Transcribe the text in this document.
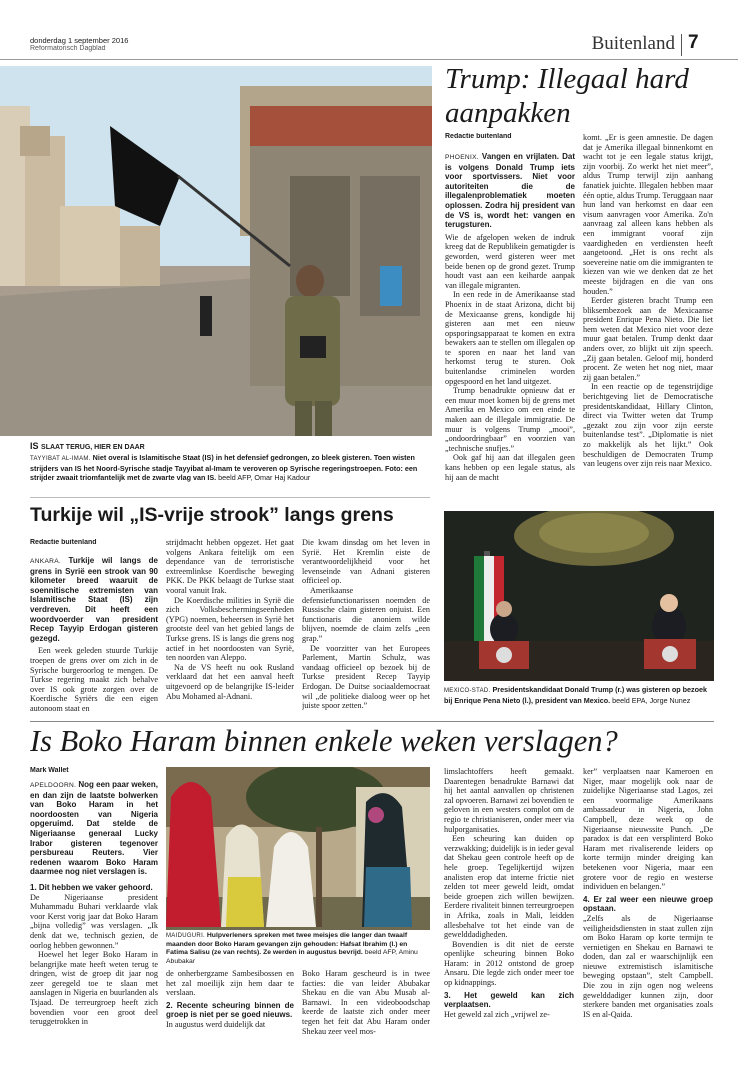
donderdag 1 september 2016
Reformatorisch Dagblad	Buitenland 7
IS SLAAT TERUG, HIER EN DAAR
TAYYIBAT AL-IMAM. Niet overal is Islamitische Staat (IS) in het defensief gedrongen, zo bleek gisteren. Toen wisten strijders van IS het Noord-Syrische stadje Tayyibat al-Imam te veroveren op Syrische regeringstroepen. Foto: een strijder zwaait triomfantelijk met de zwarte vlag van IS. beeld AFP, Omar Haj Kadour
Trump: Illegaal hard aanpakken
Redactie buitenland

PHOENIX. Vangen en vrijlaten. Dat is volgens Donald Trump iets voor sportvissers. Niet voor autoriteiten die de illegalenproblematiek moeten oplossen. Zodra hij president van de VS is, wordt het: vangen en terugsturen.

Wie de afgelopen weken de indruk kreeg dat de Republikein gematigder is geworden, werd gisteren weer met beide benen op de grond gezet. Trump houdt vast aan een keiharde aanpak van illegale migranten.

In een rede in de Amerikaanse stad Phoenix in de staat Arizona, dicht bij de Mexicaanse grens, kondigde hij gisteren aan met een nieuw opsporingsapparaat te komen en extra bewakers aan te stellen om illegalen op te sporen en naar het land van herkomst terug te sturen. Ook buitenlandse criminelen worden opgespoord en het land uitgezet.

Trump benadrukte opnieuw dat er een muur moet komen bij de grens met Amerika en Mexico om een einde te maken aan de illegale immigratie. De muur is volgens Trump „mooi”, „ondoordringbaar” en voorzien van „technische snufjes.”

Ook gaf hij aan dat illegalen geen kans hebben op een legale status, als hij aan de macht

komt. „Er is geen amnestie. De dagen dat je Amerika illegaal binnenkomt en wacht tot je een legale status krijgt, zijn voorbij. Zo werkt het niet meer”, aldus Trump terwijl zijn aanhang fanatiek juichte. Illegalen hebben maar één optie, aldus Trump. Teruggaan naar hun land van herkomst en daar een visum aanvragen voor Amerika. Zo'n aanvraag zal alleen kans hebben als een immigrant vooraf zijn vaardigheden en verdiensten heeft aangetoond. „Het is ons recht als soevereine natie om die immigranten te kiezen van wie we denken dat ze het meeste bijdragen en die van ons houden.”

Eerder gisteren bracht Trump een bliksembezoek aan de Mexicaanse president Enrique Pena Nieto. Die liet hem weten dat Mexico niet voor deze muur gaat betalen. Trump denkt daar anders over, zo blijkt uit zijn speech. „Zij gaan betalen. Geloof mij, honderd procent. Ze weten het nog niet, maar zij gaan betalen.”

In een reactie op de tegenstrijdige berichtgeving liet de Democratische presidentskandidaat, Hillary Clinton, direct via Twitter weten dat Trump „gezakt zou zijn voor zijn eerste buitenlandse test”. „Diplomatie is niet zo makkelijk als het lijkt.” Ook beschuldigen de Democraten Trump van leugens over zijn reis naar Mexico.

Turkije wil „IS-vrije strook” langs grens
Redactie buitenland

ANKARA. Turkije wil langs de grens in Syrië een strook van 90 kilometer breed waaruit de soennitische extremisten van Islamitische Staat (IS) zijn verdreven. Dit heeft een woordvoerder van president Recep Tayyip Erdogan gisteren gezegd.

Een week geleden stuurde Turkije troepen de grens over om zich in de Syrische burgeroorlog te mengen. De Turkse regering maakt zich behalve over IS ook grote zorgen over de Koerdische Syriërs die een eigen autonoom staat en

strijdmacht hebben opgezet. Het gaat volgens Ankara feitelijk om een dependance van de terroristische extreemlinkse Koerdische beweging PKK. De PKK belaagt de Turkse staat vooral vanuit Irak.

De Koerdische milities in Syrië die zich Volksbeschermingseenheden (YPG) noemen, beheersen in Syrië het grootste deel van het gebied langs de Turkse grens. IS is langs die grens nog actief in het noordoosten van Syrië, ten noorden van Aleppo.

Na de VS heeft nu ook Rusland verklaard dat het een aanval heeft uitgevoerd op de belangrijke IS-leider Abu Mohamed al-Adnani.

Die kwam dinsdag om het leven in Syrië. Het Kremlin eiste de verantwoordelijkheid voor het levenseinde van Adnani gisteren officieel op.

Amerikaanse defensiefunctionarissen noemden de Russische claim gisteren onjuist. Een functionaris die anoniem wilde blijven, noemde de claim zelfs „een grap.”

De voorzitter van het Europees Parlement, Martin Schulz, was vandaag officieel op bezoek bij de Turkse president Recep Tayyip Erdogan. De Duitse sociaaldemocraat wil „de politieke dialoog weer op het juiste spoor zetten.”

MEXICO-STAD. Presidentskandidaat Donald Trump (r.) was gisteren op bezoek bij Enrique Pena Nieto (l.), president van Mexico. beeld EPA, Jorge Nunez
Is Boko Haram binnen enkele weken verslagen?
Mark Wallet

APELDOORN. Nog een paar weken, en dan zijn de laatste bolwerken van Boko Haram in het noordoosten van Nigeria opgeruimd. Dat stelde de Nigeriaanse generaal Lucky Irabor gisteren tegenover persbureau Reuters. Vier redenen waarom Boko Haram daarmee nog niet verslagen is.

1. Dit hebben we vaker gehoord.

De Nigeriaanse president Muhammadu Buhari verklaarde vlak voor Kerst vorig jaar dat Boko Haram „bijna volledig” was verslagen. „Ik denk dat we, technisch gezien, de oorlog hebben gewonnen.”

Hoewel het leger Boko Haram in belangrijke mate heeft weten terug te dringen, wist de groep dit jaar nog zeer geregeld toe te slaan met aanslagen in Nigeria en buurlanden als Tsjaad. De terreurgroep heeft zich bovendien voor een groot deel teruggetrokken in

MAIDUGURI. Hulpverleners spreken met twee meisjes die langer dan twaalf maanden door Boko Haram gevangen zijn gehouden: Hafsat Ibrahim (l.) en Fatima Salisu (ze van rechts). Ze werden in augustus bevrijd. beeld AFP, Aminu Abubakar

de onherbergzame Sambesibossen en het zal moeilijk zijn hem daar te verslaan.

2. Recente scheuring binnen de groep is niet per se goed nieuws.

In augustus werd duidelijk dat

Boko Haram gescheurd is in twee facties: die van leider Abubakar Shekau en die van Abu Musab al-Barnawi. In een videoboodschap keerde de laatste zich onder meer tegen het feit dat Abu Haram onder Shekau zeer veel mos-

limslachtoffers heeft gemaakt. Daarentegen benadrukte Barnawi dat hij het aantal aanvallen op christenen zal opvoeren. Barnawi zei bovendien te geloven in een westers complot om de regio te christianiseren, onder meer via hulporganisaties.

Een scheuring kan duiden op verzwakking; duidelijk is in ieder geval dat Shekau geen controle heeft op de hele groep. Tegelijkertijd wijzen analisten erop dat interne frictie niet zelden tot meer geweld leidt, omdat beide groepen zich willen bewijzen. Eerdere rivaliteit binnen terreurgroepen in Afrika, zoals in Mali, leidden allesbehalve tot het einde van de gewelddadigheden.

Bovendien is dit niet de eerste openlijke scheuring binnen Boko Haram: in 2012 ontstond de groep Ansaru. Die legde zich onder meer toe op kidnappings.

3. Het geweld kan zich verplaatsen.

Het geweld zal zich „vrijwel ze-

ker” verplaatsen naar Kameroen en Niger, maar mogelijk ook naar de zuidelijke Nigeriaanse stad Lagos, zei een voormalige Amerikaans ambassadeur in Nigeria, John Campbell, deze week op de Nigeriaanse nieuwssite Punch. „De paradox is dat een versplinterd Boko Haram met rivaliserende leiders op korte termijn minder dreiging kan betekenen voor Nigeria, maar een grotere voor de regio en westerse individuen en belangen.”

4. Er zal weer een nieuwe groep opstaan.

„Zelfs als de Nigeriaanse veiligheidsdiensten in staat zullen zijn om Boko Haram op korte termijn te vernietigen en Shekau en Barnawi te doden, dan zal er waarschijnlijk een nieuwe extremistisch islamitische beweging opstaan”, stelt Campbell. Die zou in zijn ogen nog weleens gewelddadiger kunnen zijn, door sterkere banden met organisaties zoals IS en al-Qaida.
